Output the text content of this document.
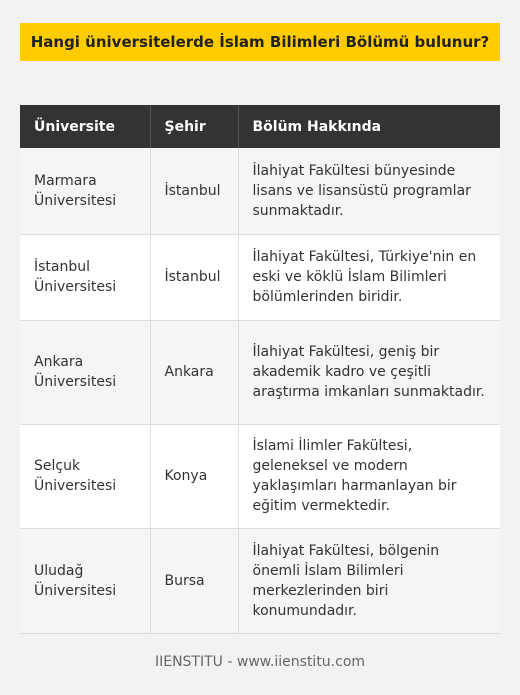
Hangi üniversitelerde İslam Bilimleri Bölümü bulunur?
Üniversite	Şehir	Bölüm Hakkında
Marmara Üniversitesi	İstanbul	İlahiyat Fakültesi bünyesinde lisans ve lisansüstü programlar sunmaktadır.
İstanbul Üniversitesi	İstanbul	İlahiyat Fakültesi, Türkiye'nin en eski ve köklü İslam Bilimleri bölümlerinden biridir.
Ankara Üniversitesi	Ankara	İlahiyat Fakültesi, geniş bir akademik kadro ve çeşitli araştırma imkanları sunmaktadır.
Selçuk Üniversitesi	Konya	İslami İlimler Fakültesi, geleneksel ve modern yaklaşımları harmanlayan bir eğitim vermektedir.
Uludağ Üniversitesi	Bursa	İlahiyat Fakültesi, bölgenin önemli İslam Bilimleri merkezlerinden biri konumundadır.
IIENSTITU - www.iienstitu.com
